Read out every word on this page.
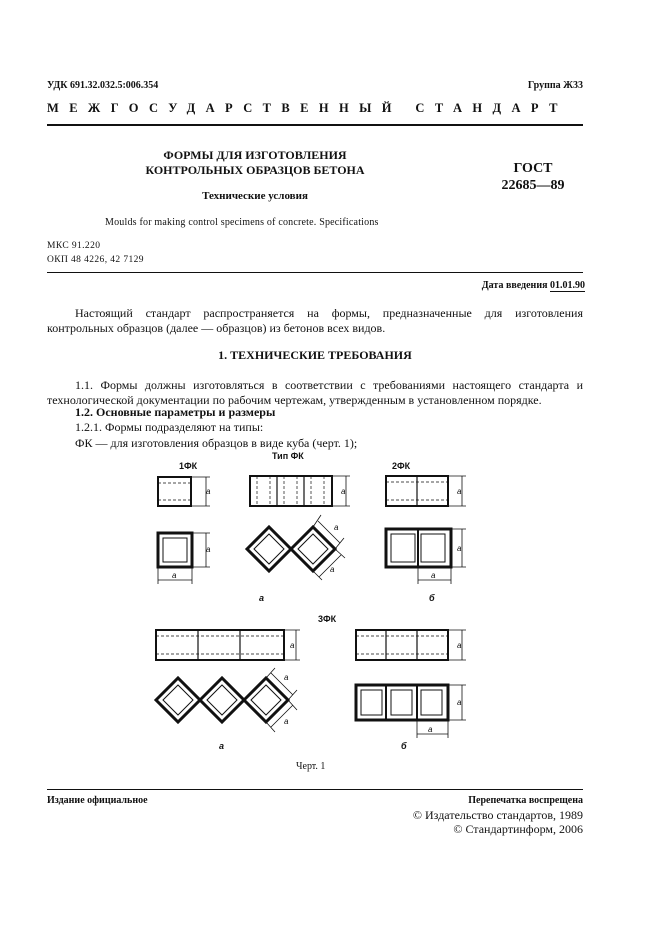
УДК 691.32.032.5:006.354	Группа Ж33
МЕЖГОСУДАРСТВЕННЫЙ СТАНДАРТ
ФОРМЫ ДЛЯ ИЗГОТОВЛЕНИЯ
КОНТРОЛЬНЫХ ОБРАЗЦОВ БЕТОНА
Технические условия
ГОСТ
22685—89
Moulds for making control specimens of concrete. Specifications
МКС 91.220
ОКП 48 4226, 42 7129
Дата введения 01.01.90
Настоящий стандарт распространяется на формы, предназначенные для изготовления контрольных образцов (далее — образцов) из бетонов всех видов.
1. ТЕХНИЧЕСКИЕ ТРЕБОВАНИЯ
1.1. Формы должны изготовляться в соответствии с требованиями настоящего стандарта и технологической документации по рабочим чертежам, утвержденным в установленном порядке.
1.2. Основные параметры и размеры
1.2.1. Формы подразделяют на типы:
ФК — для изготовления образцов в виде куба (черт. 1);
а
а
а
а
а
а
а
а
а
а
а
а
а
а
а
Тип ФК
1ФК	2ФК
3ФК
а	б
а	б
Черт. 1
Издание официальное	Перепечатка воспрещена
© Издательство стандартов, 1989
© Стандартинформ, 2006
